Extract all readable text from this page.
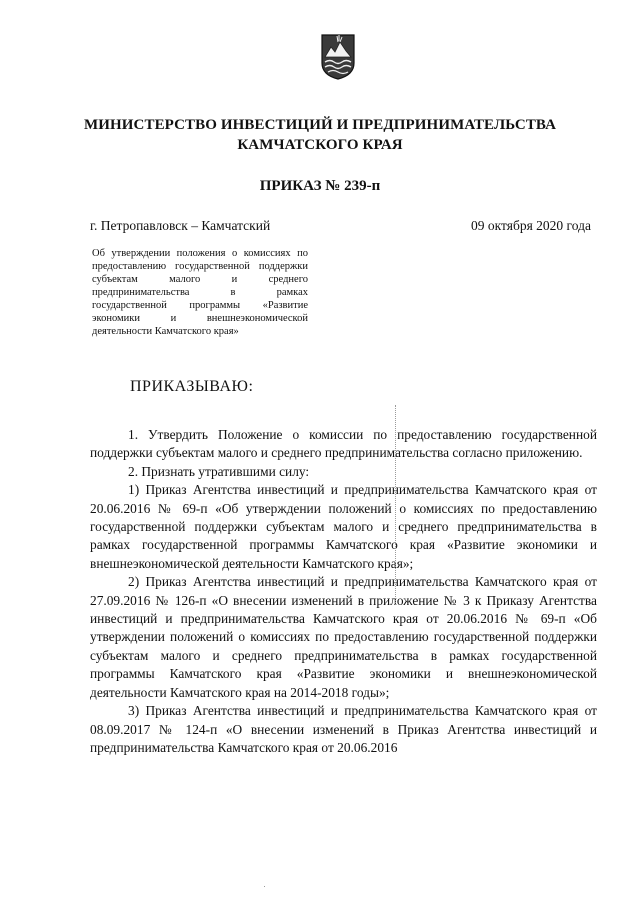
МИНИСТЕРСТВО ИНВЕСТИЦИЙ И ПРЕДПРИНИМАТЕЛЬСТВА
КАМЧАТСКОГО КРАЯ
ПРИКАЗ № 239-п
г. Петропавловск – Камчатский	09 октября 2020 года
Об утверждении положения о комиссиях по предоставлению государственной поддержки субъектам малого и среднего предпринимательства в рамках государственной программы «Развитие экономики и внешнеэкономической деятельности Камчатского края»
ПРИКАЗЫВАЮ:

1. Утвердить Положение о комиссии по предоставлению государственной поддержки субъектам малого и среднего предпринимательства согласно приложению.

2. Признать утратившими силу:

1) Приказ Агентства инвестиций и предпринимательства Камчатского края от 20.06.2016 № 69-п «Об утверждении положений о комиссиях по предоставлению государственной поддержки субъектам малого и среднего предпринимательства в рамках государственной программы Камчатского края «Развитие экономики и внешнеэкономической деятельности Камчатского края»;

2) Приказ Агентства инвестиций и предпринимательства Камчатского края от 27.09.2016 № 126-п «О внесении изменений в приложение № 3 к Приказу Агентства инвестиций и предпринимательства Камчатского края от 20.06.2016 № 69-п «Об утверждении положений о комиссиях по предоставлению государственной поддержки субъектам малого и среднего предпринимательства в рамках государственной программы Камчатского края «Развитие экономики и внешнеэкономической деятельности Камчатского края на 2014-2018 годы»;

3) Приказ Агентства инвестиций и предпринимательства Камчатского края от 08.09.2017 № 124-п «О внесении изменений в Приказ Агентства инвестиций и предпринимательства Камчатского края от 20.06.2016
